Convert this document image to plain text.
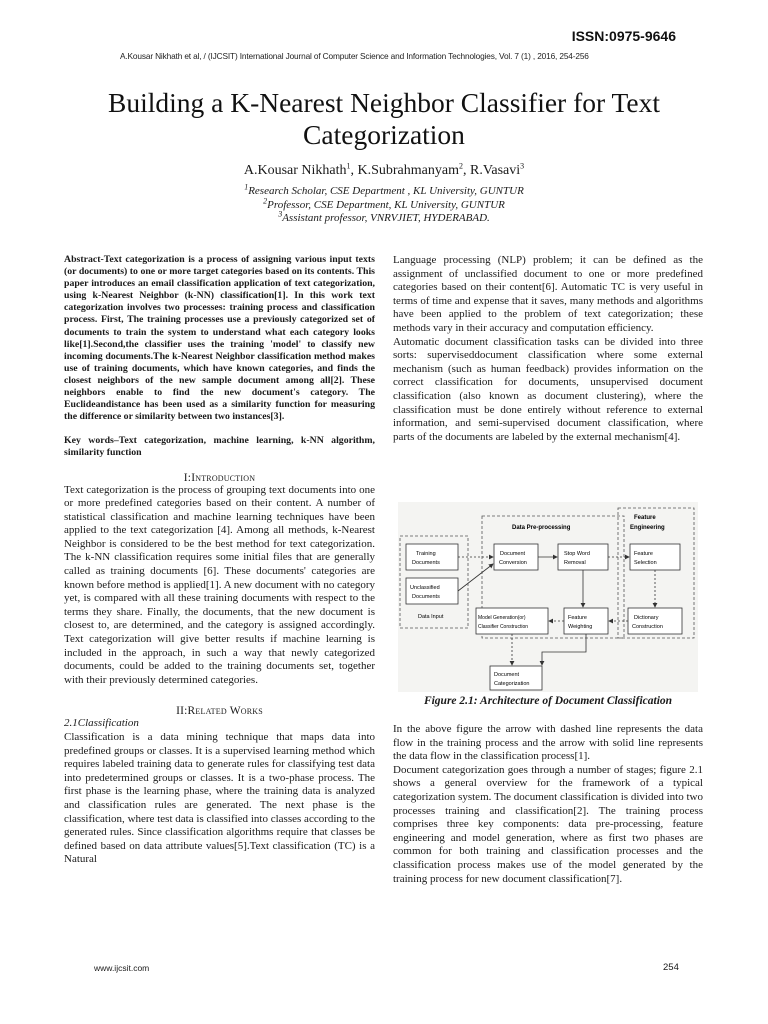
ISSN:0975-9646
A.Kousar Nikhath et al, / (IJCSIT) International Journal of Computer Science and Information Technologies, Vol. 7 (1) , 2016, 254-256
Building a K-Nearest Neighbor Classifier for Text Categorization
A.Kousar Nikhath$^1$, K.Subrahmanyam$^2$, R.Vasavi$^3$
$^1$Research Scholar, CSE Department , KL University, GUNTUR
$^2$Professor, CSE Department, KL University, GUNTUR
$^3$Assistant professor, VNRVJIET, HYDERABAD.

Abstract-Text categorization is a process of assigning various input texts (or documents) to one or more target categories based on its contents. This paper introduces an email classification application of text categorization, using k-Nearest Neighbor (k-NN) classification[1]. In this work text categorization involves two processes: training process and classification process. First, The training processes use a previously categorized set of documents to train the system to understand what each category looks like[1].Second,the classifier uses the training 'model' to classify new incoming documents.The k-Nearest Neighbor classification method makes use of training documents, which have known categories, and finds the closest neighbors of the new sample document among all[2]. These neighbors enable to find the new document's category. The Euclideandistance has been used as a similarity function for measuring the difference or similarity between two instances[3].

Key words–Text categorization, machine learning, k-NN algorithm, similarity function

I:Introduction

Text categorization is the process of grouping text documents into one or more predefined categories based on their content. A number of statistical classification and machine learning techniques have been applied to the text categorization [4]. Among all methods, k-Nearest Neighbor is considered to be the best method for text categorization. The k-NN classification requires some initial files that are generally called as training documents [6]. These documents' categories are known before method is applied[1]. A new document with no category yet, is compared with all these training documents with respect to the terms they share. Finally, the documents, that the new document is closest to, are determined, and the category is assigned accordingly. Text categorization will give better results if machine learning is included in the approach, in such a way that newly categorized documents, could be added to the training documents set, together with their previously determined categories.

II:Related Works

2.1Classification

Classification is a data mining technique that maps data into predefined groups or classes. It is a supervised learning method which requires labeled training data to generate rules for classifying test data into predetermined groups or classes. It is a two-phase process. The first phase is the learning phase, where the training data is analyzed and classification rules are generated. The next phase is the classification, where test data is classified into classes according to the generated rules. Since classification algorithms require that classes be defined based on data attribute values[5].Text classification (TC) is a Natural

Language processing (NLP) problem; it can be defined as the assignment of unclassified document to one or more predefined categories based on their content[6]. Automatic TC is very useful in terms of time and expense that it saves, many methods and algorithms have been applied to the problem of text categorization; these methods vary in their accuracy and computation efficiency.

Automatic document classification tasks can be divided into three sorts: superviseddocument classification where some external mechanism (such as human feedback) provides information on the correct classification for documents, unsupervised document classification (also known as document clustering), where the classification must be done entirely without reference to external information, and semi-supervised document classification, where parts of the documents are labeled by the external mechanism[4].

Data Pre-processing
Feature
Engineering
Training
Documents
Unclassified
Documents
Data Input
Document
Conversion
Stop Word
Removal
Feature
Selection
Model Generation(or)
Classifier Construction
Feature
Weighting
Dictionary
Construction
Document
Categorization
Figure 2.1: Architecture of Document Classification

In the above figure the arrow with dashed line represents the data flow in the training process and the arrow with solid line represents the data flow in the classification process[1].

Document categorization goes through a number of stages; figure 2.1 shows a general overview for the framework of a typical categorization system. The document classification is divided into two processes training and classification[2]. The training process comprises three key components: data pre-processing, feature engineering and model generation, where as first two phases are common for both training and classification processes and the classification process makes use of the model generated by the training process for new document classification[7].

www.ijcsit.com	254
